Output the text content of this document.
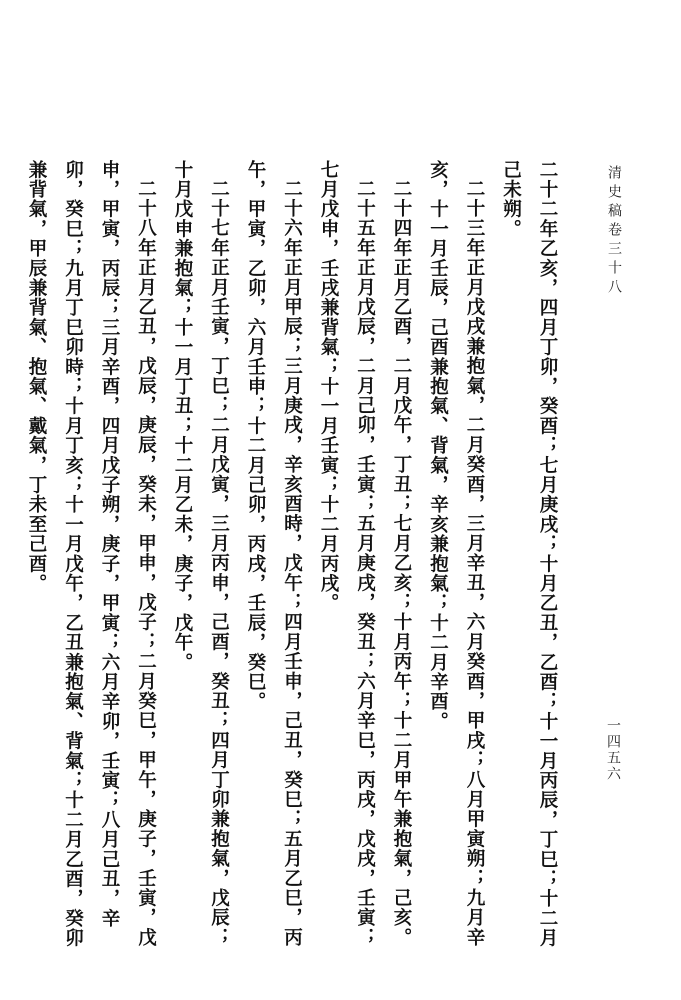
清史稿卷三十八

二十二年乙亥，四月丁卯，癸酉；七月庚戌；十月乙丑，乙酉；十一月丙辰，丁巳；十二月己未朔。

二十三年正月戊戌兼抱氣，二月癸酉，三月辛丑，六月癸酉，甲戌；八月甲寅朔；九月辛亥，十一月壬辰，己酉兼抱氣、背氣，辛亥兼抱氣；十二月辛酉。

二十四年正月乙酉，二月戊午，丁丑；七月乙亥；十月丙午；十二月甲午兼抱氣，己亥。

二十五年正月戊辰，二月己卯，壬寅；五月庚戌，癸丑；六月辛巳，丙戌，戊戌，壬寅；七月戊申，壬戌兼背氣；十一月壬寅；十二月丙戌。

二十六年正月甲辰；三月庚戌，辛亥酉時，戊午；四月壬申，己丑，癸巳；五月乙巳，丙午，甲寅，乙卯，六月壬申；十二月己卯，丙戌，壬辰，癸巳。

二十七年正月壬寅，丁巳；二月戊寅，三月丙申，己酉，癸丑；四月丁卯兼抱氣，戊辰；十月戊申兼抱氣；十一月丁丑；十二月乙未，庚子，戊午。

二十八年正月乙丑，戊辰，庚辰，癸未，甲申，戊子；二月癸巳，甲午，庚子，壬寅，戊申，甲寅，丙辰；三月辛酉，四月戊子朔，庚子，甲寅；六月辛卯，壬寅；八月己丑，辛卯，癸巳；九月丁巳卯時；十月丁亥；十一月戊午，乙丑兼抱氣、背氣；十二月乙酉，癸卯兼背氣，甲辰兼背氣、抱氣、戴氣，丁未至己酉。

一四五六
